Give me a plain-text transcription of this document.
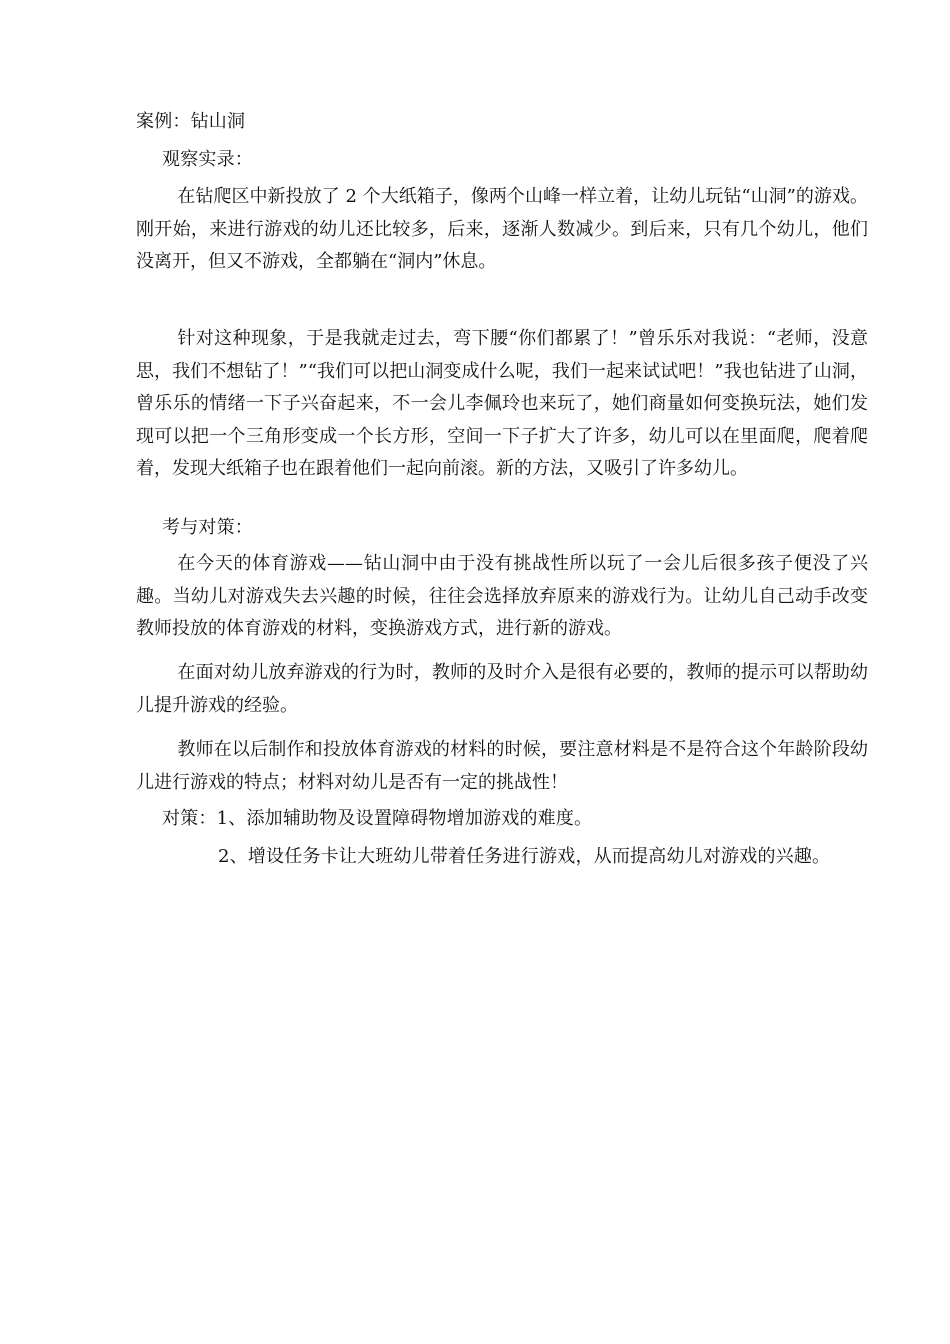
案例：钻山洞
观察实录：
在钻爬区中新投放了 2 个大纸箱子，像两个山峰一样立着，让幼儿玩钻“山洞”的游戏。刚开始，来进行游戏的幼儿还比较多，后来，逐渐人数减少。到后来，只有几个幼儿，他们没离开，但又不游戏，全都躺在“洞内”休息。
针对这种现象，于是我就走过去，弯下腰“你们都累了！”曾乐乐对我说：“老师，没意思，我们不想钻了！”“我们可以把山洞变成什么呢，我们一起来试试吧！”我也钻进了山洞，曾乐乐的情绪一下子兴奋起来，不一会儿李佩玲也来玩了，她们商量如何变换玩法，她们发现可以把一个三角形变成一个长方形，空间一下子扩大了许多，幼儿可以在里面爬，爬着爬着，发现大纸箱子也在跟着他们一起向前滚。新的方法，又吸引了许多幼儿。
考与对策：
在今天的体育游戏——钻山洞中由于没有挑战性所以玩了一会儿后很多孩子便没了兴趣。当幼儿对游戏失去兴趣的时候，往往会选择放弃原来的游戏行为。让幼儿自己动手改变教师投放的体育游戏的材料，变换游戏方式，进行新的游戏。
在面对幼儿放弃游戏的行为时，教师的及时介入是很有必要的，教师的提示可以帮助幼儿提升游戏的经验。
教师在以后制作和投放体育游戏的材料的时候，要注意材料是不是符合这个年龄阶段幼儿进行游戏的特点；材料对幼儿是否有一定的挑战性！
对策：1、添加辅助物及设置障碍物增加游戏的难度。
2、增设任务卡让大班幼儿带着任务进行游戏，从而提高幼儿对游戏的兴趣。
